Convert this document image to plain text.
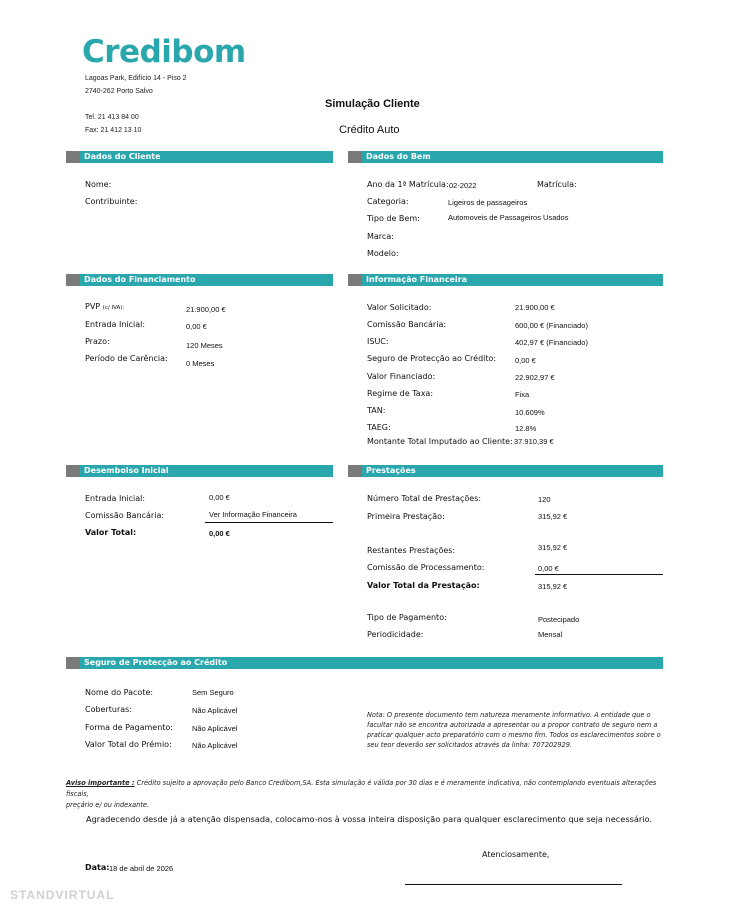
Credibom
Lagoas Park, Edifício 14 - Piso 2
2740-262 Porto Salvo
Tel. 21 413 84 00
Fax: 21 412 13 10
Simulação Cliente
Crédito Auto
Dados do Cliente
Nome:
Contribuinte:
Dados do Bem
Ano da 1ª Matrícula: 02-2022	Matrícula:
Categoria:	Ligeiros de passageiros
Tipo de Bem:	Automoveis de Passageiros Usados
Marca:
Modelo:
Dados do Financiamento
PVP (c/ IVA):	21.900,00 €
Entrada Inicial:	0,00 €
Prazo:	120 Meses
Período de Carência:
0 Meses
Informação Financeira
Valor Solicitado:	21.900,00 €
Comissão Bancária:	600,00 € (Financiado)
ISUC:	402,97 € (Financiado)
Seguro de Protecção ao Crédito:	0,00 €
Valor Financiado:	22.902,97 €
Regime de Taxa:	Fixa
TAN:	10.609%
TAEG:	12.8%
Montante Total Imputado ao Cliente: 37.910,39 €
Desembolso Inicial
Entrada Inicial:	0,00 €
Comissão Bancária:	Ver Informação Financeira
Valor Total:	0,00 €
Prestações
Número Total de Prestações:	120
Primeira Prestação:	315,92 €
Restantes Prestações:	315,92 €
Comissão de Processamento:	0,00 €
Valor Total da Prestação:	315,92 €
Tipo de Pagamento:	Postecipado
Periodicidade:	Mensal
Seguro de Protecção ao Crédito
Nome do Pacote:	Sem Seguro
Coberturas:	Não Aplicável
Forma de Pagamento:	Não Aplicável
Valor Total do Prémio:	Não Aplicável
Nota: O presente documento tem natureza meramente informativo. A entidade que o
facultar não se encontra autorizada a apresentar ou a propor contrato de seguro nem a
praticar qualquer acto preparatório com o mesmo fim. Todos os esclarecimentos sobre o
seu teor deverão ser solicitados através da linha: 707202929.
Aviso importante : Crédito sujeito a aprovação pelo Banco Credibom,SA. Esta simulação é válida por 30 dias e é meramente indicativa, não contemplando eventuais alterações fiscais,
preçário e/ ou indexante.
Agradecendo desde já a atenção dispensada, colocamo-nos à vossa inteira disposição para qualquer esclarecimento que seja necessário.
Atenciosamente,
Data: 18 de abril de 2026
STANDVIRTUAL
